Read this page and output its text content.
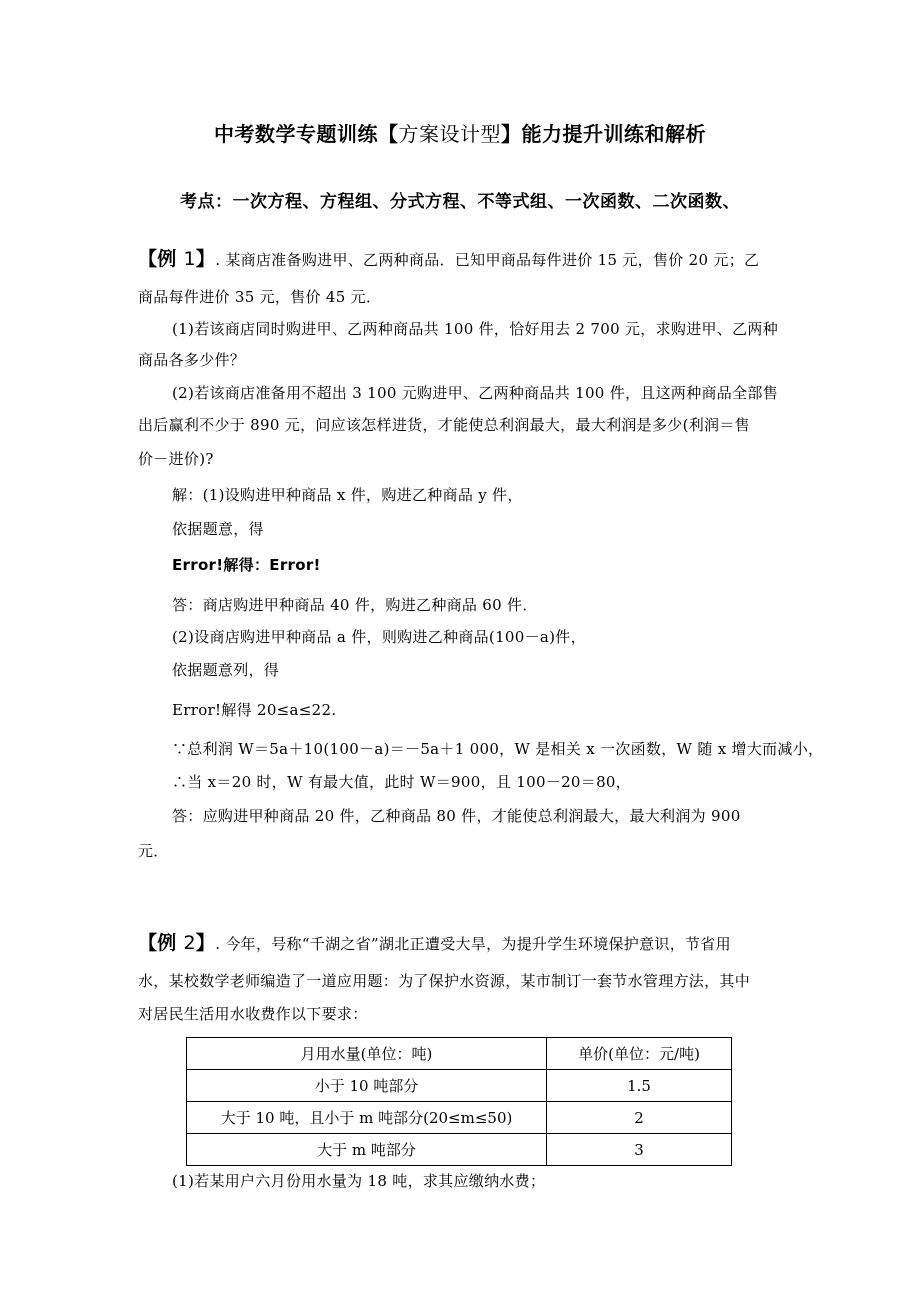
中考数学专题训练【方案设计型】能力提升训练和解析
考点：一次方程、方程组、分式方程、不等式组、一次函数、二次函数、
【例 1】. 某商店准备购进甲、乙两种商品．已知甲商品每件进价 15 元，售价 20 元；乙
商品每件进价 35 元，售价 45 元．
(1)若该商店同时购进甲、乙两种商品共 100 件，恰好用去 2 700 元，求购进甲、乙两种
商品各多少件？
(2)若该商店准备用不超出 3 100 元购进甲、乙两种商品共 100 件，且这两种商品全部售
出后赢利不少于 890 元，问应该怎样进货，才能使总利润最大，最大利润是多少(利润＝售
价－进价)?
解：(1)设购进甲种商品 x 件，购进乙种商品 y 件，
依据题意，得
Error!解得：Error!
答：商店购进甲种商品 40 件，购进乙种商品 60 件．
(2)设商店购进甲种商品 a 件，则购进乙种商品(100－a)件，
依据题意列，得
Error!解得 20≤a≤22.
∵总利润 W＝5a＋10(100－a)＝－5a＋1 000，W 是相关 x 一次函数，W 随 x 增大而减小，
∴当 x＝20 时，W 有最大值，此时 W＝900，且 100－20＝80，
答：应购进甲种商品 20 件，乙种商品 80 件，才能使总利润最大，最大利润为 900
元．
【例 2】. 今年，号称“千湖之省”湖北正遭受大旱，为提升学生环境保护意识，节省用
水，某校数学老师编造了一道应用题：为了保护水资源，某市制订一套节水管理方法，其中
对居民生活用水收费作以下要求：
月用水量(单位：吨)	单价(单位：元/吨)
小于 10 吨部分	1.5
大于 10 吨，且小于 m 吨部分(20≤m≤50)	2
大于 m 吨部分	3
(1)若某用户六月份用水量为 18 吨，求其应缴纳水费；
